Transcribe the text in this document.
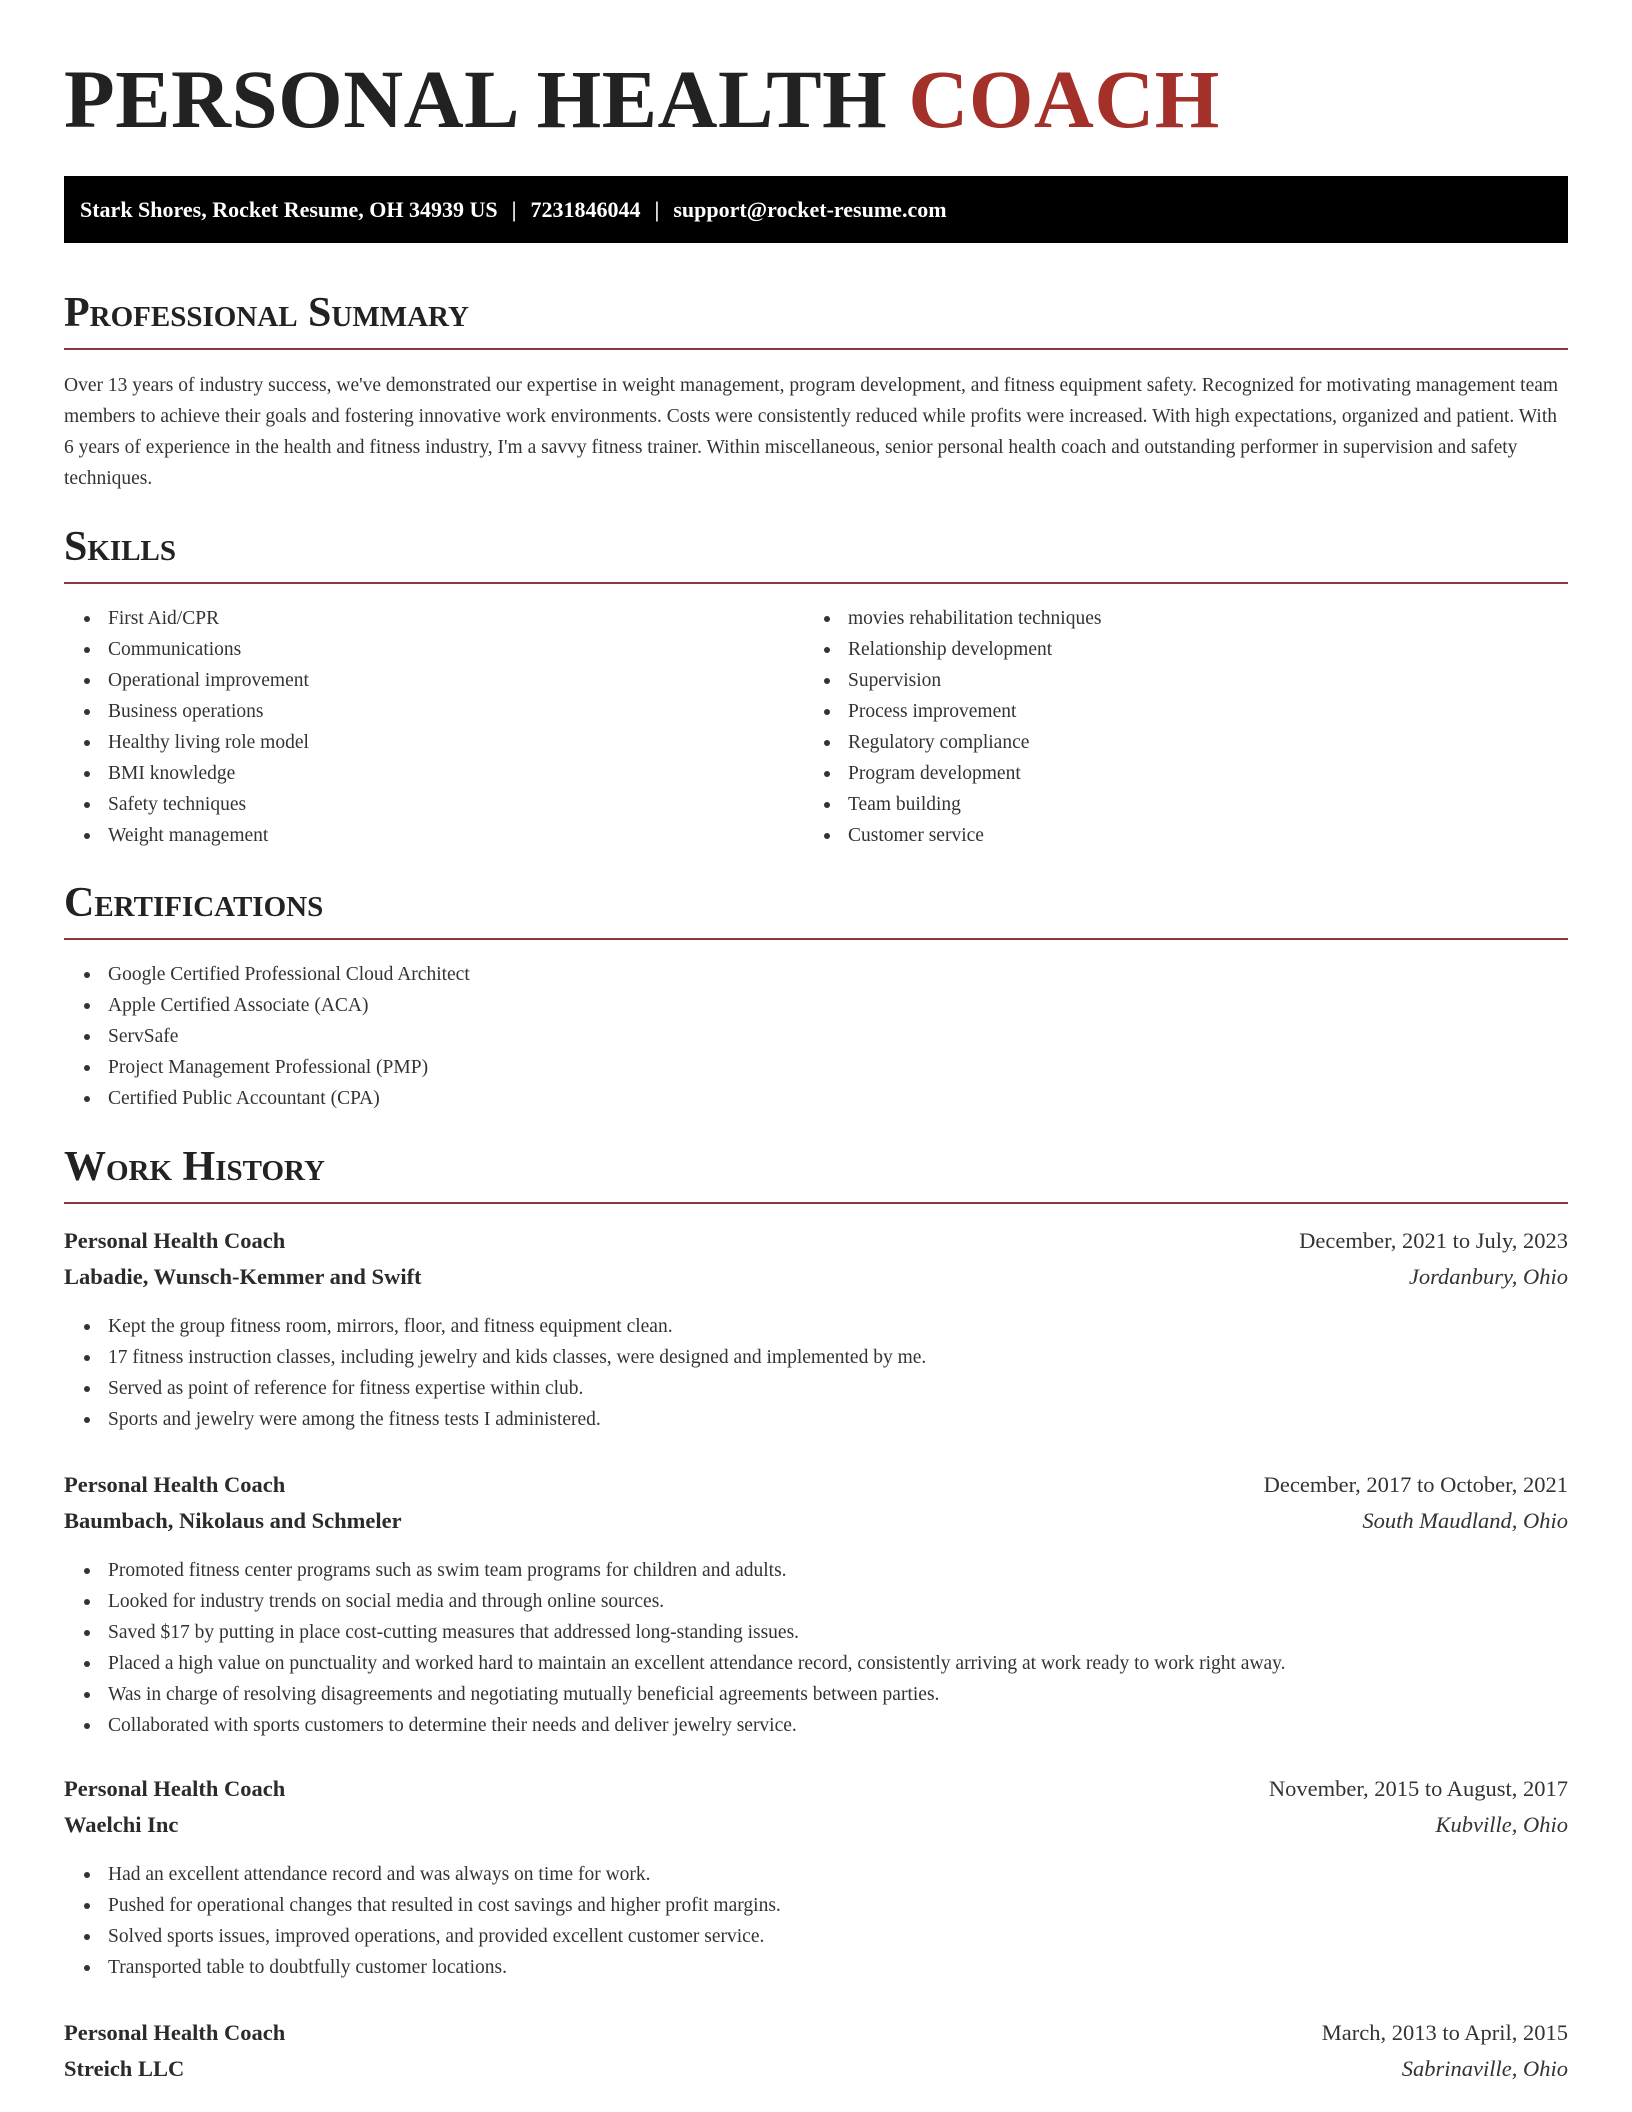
PERSONAL HEALTH COACH
Stark Shores, Rocket Resume, OH 34939 US | 7231846044 | support@rocket-resume.com
Professional Summary

Over 13 years of industry success, we've demonstrated our expertise in weight management, program development, and fitness equipment safety. Recognized for motivating management team members to achieve their goals and fostering innovative work environments. Costs were consistently reduced while profits were increased. With high expectations, organized and patient. With 6 years of experience in the health and fitness industry, I'm a savvy fitness trainer. Within miscellaneous, senior personal health coach and outstanding performer in supervision and safety techniques.

Skills
First Aid/CPR
Communications
Operational improvement
Business operations
Healthy living role model
BMI knowledge
Safety techniques
Weight management
movies rehabilitation techniques
Relationship development
Supervision
Process improvement
Regulatory compliance
Program development
Team building
Customer service
Certifications
Google Certified Professional Cloud Architect
Apple Certified Associate (ACA)
ServSafe
Project Management Professional (PMP)
Certified Public Accountant (CPA)
Work History
Personal Health Coach	December, 2021 to July, 2023
Labadie, Wunsch-Kemmer and Swift	Jordanbury, Ohio
Kept the group fitness room, mirrors, floor, and fitness equipment clean.
17 fitness instruction classes, including jewelry and kids classes, were designed and implemented by me.
Served as point of reference for fitness expertise within club.
Sports and jewelry were among the fitness tests I administered.
Personal Health Coach	December, 2017 to October, 2021
Baumbach, Nikolaus and Schmeler	South Maudland, Ohio
Promoted fitness center programs such as swim team programs for children and adults.
Looked for industry trends on social media and through online sources.
Saved $17 by putting in place cost-cutting measures that addressed long-standing issues.
Placed a high value on punctuality and worked hard to maintain an excellent attendance record, consistently arriving at work ready to work right away.
Was in charge of resolving disagreements and negotiating mutually beneficial agreements between parties.
Collaborated with sports customers to determine their needs and deliver jewelry service.
Personal Health Coach	November, 2015 to August, 2017
Waelchi Inc	Kubville, Ohio
Had an excellent attendance record and was always on time for work.
Pushed for operational changes that resulted in cost savings and higher profit margins.
Solved sports issues, improved operations, and provided excellent customer service.
Transported table to doubtfully customer locations.
Personal Health Coach	March, 2013 to April, 2015
Streich LLC	Sabrinaville, Ohio
